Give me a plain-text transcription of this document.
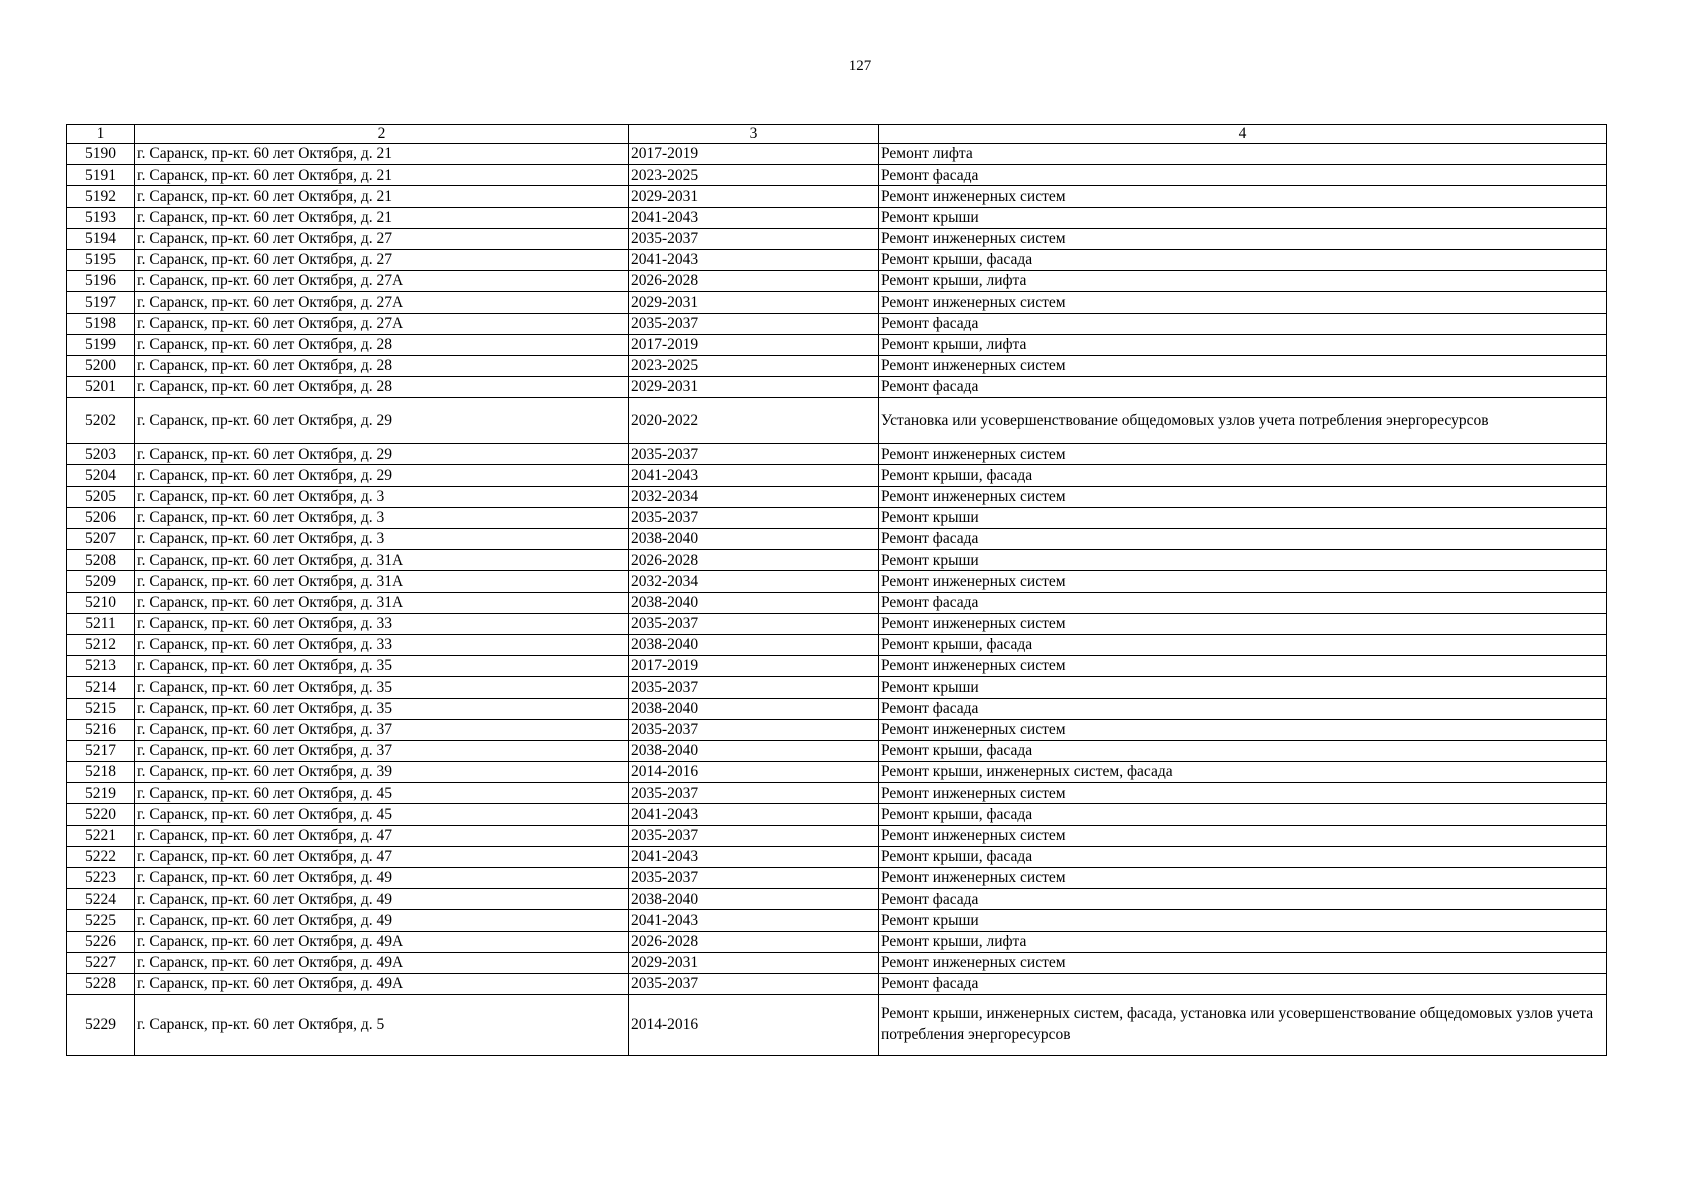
127
1	2	3	4
5190	г. Саранск, пр-кт. 60 лет Октября, д. 21	2017-2019	Ремонт лифта
5191	г. Саранск, пр-кт. 60 лет Октября, д. 21	2023-2025	Ремонт фасада
5192	г. Саранск, пр-кт. 60 лет Октября, д. 21	2029-2031	Ремонт инженерных систем
5193	г. Саранск, пр-кт. 60 лет Октября, д. 21	2041-2043	Ремонт крыши
5194	г. Саранск, пр-кт. 60 лет Октября, д. 27	2035-2037	Ремонт инженерных систем
5195	г. Саранск, пр-кт. 60 лет Октября, д. 27	2041-2043	Ремонт крыши, фасада
5196	г. Саранск, пр-кт. 60 лет Октября, д. 27А	2026-2028	Ремонт крыши, лифта
5197	г. Саранск, пр-кт. 60 лет Октября, д. 27А	2029-2031	Ремонт инженерных систем
5198	г. Саранск, пр-кт. 60 лет Октября, д. 27А	2035-2037	Ремонт фасада
5199	г. Саранск, пр-кт. 60 лет Октября, д. 28	2017-2019	Ремонт крыши, лифта
5200	г. Саранск, пр-кт. 60 лет Октября, д. 28	2023-2025	Ремонт инженерных систем
5201	г. Саранск, пр-кт. 60 лет Октября, д. 28	2029-2031	Ремонт фасада
5202	г. Саранск, пр-кт. 60 лет Октября, д. 29	2020-2022	Установка или усовершенствование общедомовых узлов учета потребления энергоресурсов
5203	г. Саранск, пр-кт. 60 лет Октября, д. 29	2035-2037	Ремонт инженерных систем
5204	г. Саранск, пр-кт. 60 лет Октября, д. 29	2041-2043	Ремонт крыши, фасада
5205	г. Саранск, пр-кт. 60 лет Октября, д. 3	2032-2034	Ремонт инженерных систем
5206	г. Саранск, пр-кт. 60 лет Октября, д. 3	2035-2037	Ремонт крыши
5207	г. Саранск, пр-кт. 60 лет Октября, д. 3	2038-2040	Ремонт фасада
5208	г. Саранск, пр-кт. 60 лет Октября, д. 31А	2026-2028	Ремонт крыши
5209	г. Саранск, пр-кт. 60 лет Октября, д. 31А	2032-2034	Ремонт инженерных систем
5210	г. Саранск, пр-кт. 60 лет Октября, д. 31А	2038-2040	Ремонт фасада
5211	г. Саранск, пр-кт. 60 лет Октября, д. 33	2035-2037	Ремонт инженерных систем
5212	г. Саранск, пр-кт. 60 лет Октября, д. 33	2038-2040	Ремонт крыши, фасада
5213	г. Саранск, пр-кт. 60 лет Октября, д. 35	2017-2019	Ремонт инженерных систем
5214	г. Саранск, пр-кт. 60 лет Октября, д. 35	2035-2037	Ремонт крыши
5215	г. Саранск, пр-кт. 60 лет Октября, д. 35	2038-2040	Ремонт фасада
5216	г. Саранск, пр-кт. 60 лет Октября, д. 37	2035-2037	Ремонт инженерных систем
5217	г. Саранск, пр-кт. 60 лет Октября, д. 37	2038-2040	Ремонт крыши, фасада
5218	г. Саранск, пр-кт. 60 лет Октября, д. 39	2014-2016	Ремонт крыши, инженерных систем, фасада
5219	г. Саранск, пр-кт. 60 лет Октября, д. 45	2035-2037	Ремонт инженерных систем
5220	г. Саранск, пр-кт. 60 лет Октября, д. 45	2041-2043	Ремонт крыши, фасада
5221	г. Саранск, пр-кт. 60 лет Октября, д. 47	2035-2037	Ремонт инженерных систем
5222	г. Саранск, пр-кт. 60 лет Октября, д. 47	2041-2043	Ремонт крыши, фасада
5223	г. Саранск, пр-кт. 60 лет Октября, д. 49	2035-2037	Ремонт инженерных систем
5224	г. Саранск, пр-кт. 60 лет Октября, д. 49	2038-2040	Ремонт фасада
5225	г. Саранск, пр-кт. 60 лет Октября, д. 49	2041-2043	Ремонт крыши
5226	г. Саранск, пр-кт. 60 лет Октября, д. 49А	2026-2028	Ремонт крыши, лифта
5227	г. Саранск, пр-кт. 60 лет Октября, д. 49А	2029-2031	Ремонт инженерных систем
5228	г. Саранск, пр-кт. 60 лет Октября, д. 49А	2035-2037	Ремонт фасада
5229	г. Саранск, пр-кт. 60 лет Октября, д. 5	2014-2016	Ремонт крыши, инженерных систем, фасада, установка или усовершенствование общедомовых узлов учета потребления энергоресурсов
